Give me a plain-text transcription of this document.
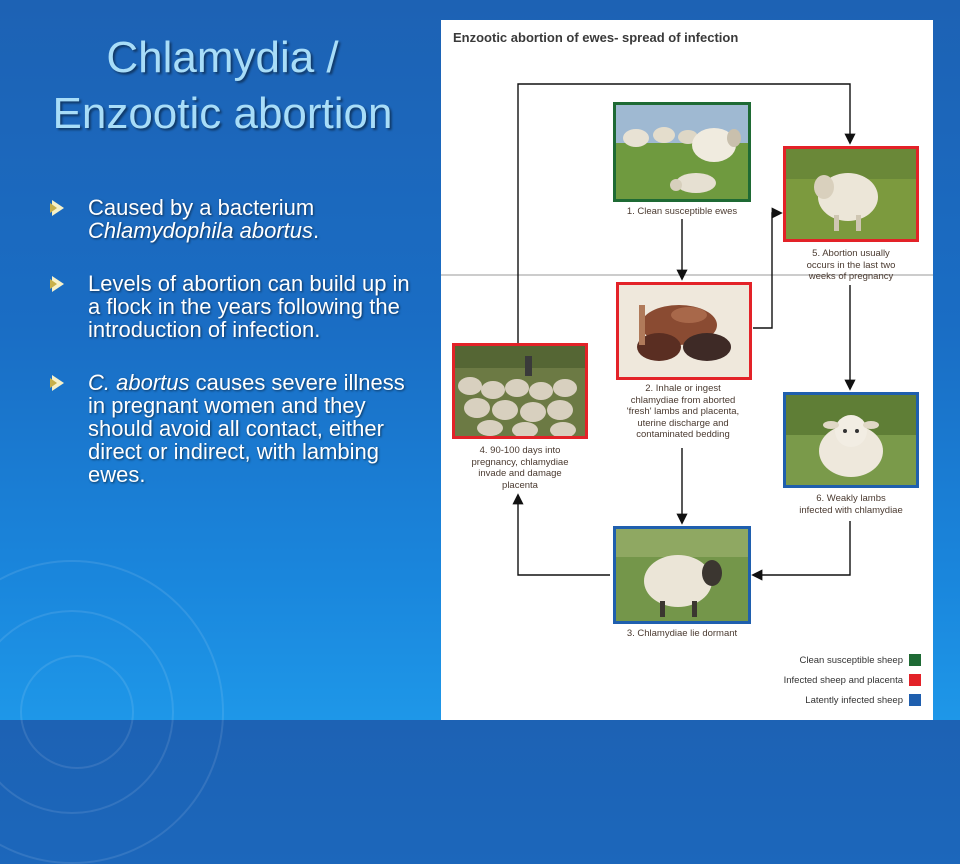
Chlamydia /
Enzootic abortion
Caused by a bacterium Chlamydophila abortus.
Levels of abortion can build up in a flock in the years following the introduction of infection.
C. abortus causes severe illness in pregnant women and they should avoid all contact, either direct or indirect, with lambing ewes.
Enzootic abortion of ewes- spread of infection
1. Clean susceptible ewes
5. Abortion usually
occurs in the last two
weeks of pregnancy
2. Inhale or ingest
chlamydiae from aborted
'fresh' lambs and placenta,
uterine discharge and
contaminated bedding
4. 90-100 days into
pregnancy, chlamydiae
invade and damage
placenta
6. Weakly lambs
infected with chlamydiae
3. Chlamydiae lie dormant
Clean susceptible sheep
Infected sheep and placenta
Latently infected sheep
